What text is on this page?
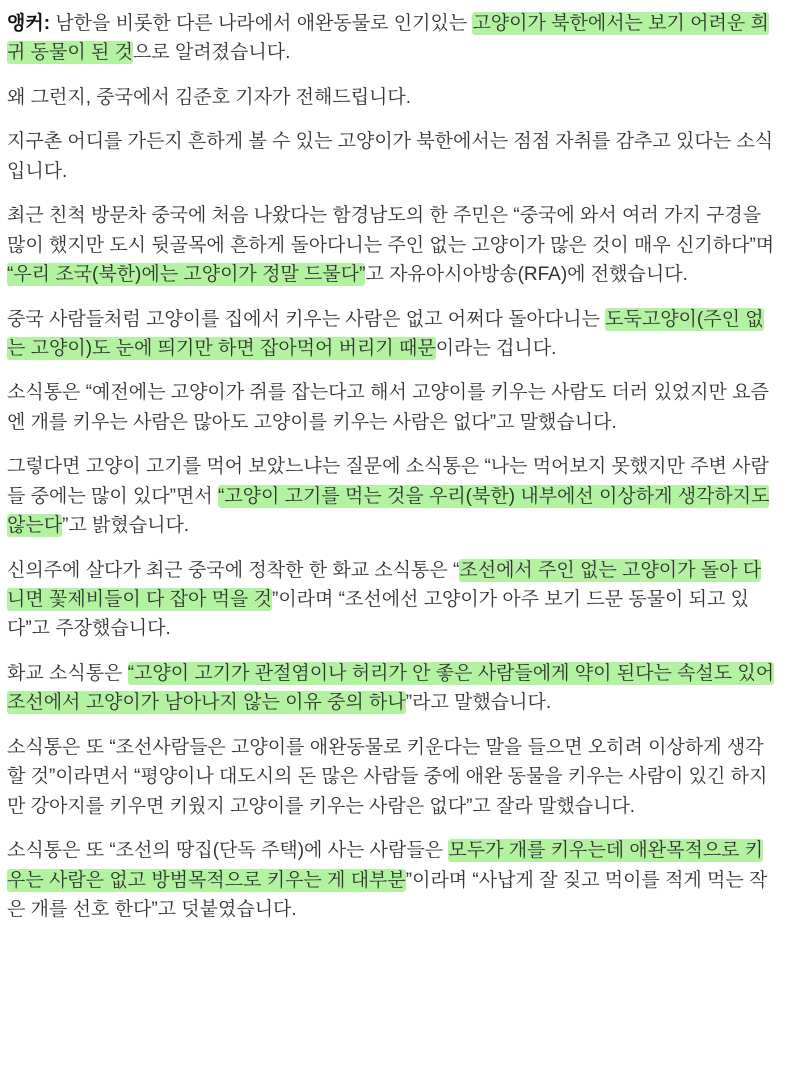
앵커: 남한을 비롯한 다른 나라에서 애완동물로 인기있는 고양이가 북한에서는 보기 어려운 희귀 동물이 된 것으로 알려졌습니다.

왜 그런지, 중국에서 김준호 기자가 전해드립니다.

지구촌 어디를 가든지 흔하게 볼 수 있는 고양이가 북한에서는 점점 자취를 감추고 있다는 소식입니다.

최근 친척 방문차 중국에 처음 나왔다는 함경남도의 한 주민은 “중국에 와서 여러 가지 구경을 많이 했지만 도시 뒷골목에 흔하게 돌아다니는 주인 없는 고양이가 많은 것이 매우 신기하다”며 “우리 조국(북한)에는 고양이가 정말 드물다”고 자유아시아방송(RFA)에 전했습니다.

중국 사람들처럼 고양이를 집에서 키우는 사람은 없고 어쩌다 돌아다니는 도둑고양이(주인 없는 고양이)도 눈에 띄기만 하면 잡아먹어 버리기 때문이라는 겁니다.

소식통은 “예전에는 고양이가 쥐를 잡는다고 해서 고양이를 키우는 사람도 더러 있었지만 요즘엔 개를 키우는 사람은 많아도 고양이를 키우는 사람은 없다”고 말했습니다.

그렇다면 고양이 고기를 먹어 보았느냐는 질문에 소식통은 “나는 먹어보지 못했지만 주변 사람들 중에는 많이 있다”면서 “고양이 고기를 먹는 것을 우리(북한) 내부에선 이상하게 생각하지도 않는다”고 밝혔습니다.

신의주에 살다가 최근 중국에 정착한 한 화교 소식통은 “조선에서 주인 없는 고양이가 돌아 다니면 꽃제비들이 다 잡아 먹을 것”이라며 “조선에선 고양이가 아주 보기 드문 동물이 되고 있다”고 주장했습니다.

화교 소식통은 “고양이 고기가 관절염이나 허리가 안 좋은 사람들에게 약이 된다는 속설도 있어 조선에서 고양이가 남아나지 않는 이유 중의 하나”라고 말했습니다.

소식통은 또 “조선사람들은 고양이를 애완동물로 키운다는 말을 들으면 오히려 이상하게 생각할 것”이라면서 “평양이나 대도시의 돈 많은 사람들 중에 애완 동물을 키우는 사람이 있긴 하지만 강아지를 키우면 키웠지 고양이를 키우는 사람은 없다”고 잘라 말했습니다.

소식통은 또 “조선의 땅집(단독 주택)에 사는 사람들은 모두가 개를 키우는데 애완목적으로 키우는 사람은 없고 방범목적으로 키우는 게 대부분”이라며 “사납게 잘 짖고 먹이를 적게 먹는 작은 개를 선호 한다”고 덧붙였습니다.
